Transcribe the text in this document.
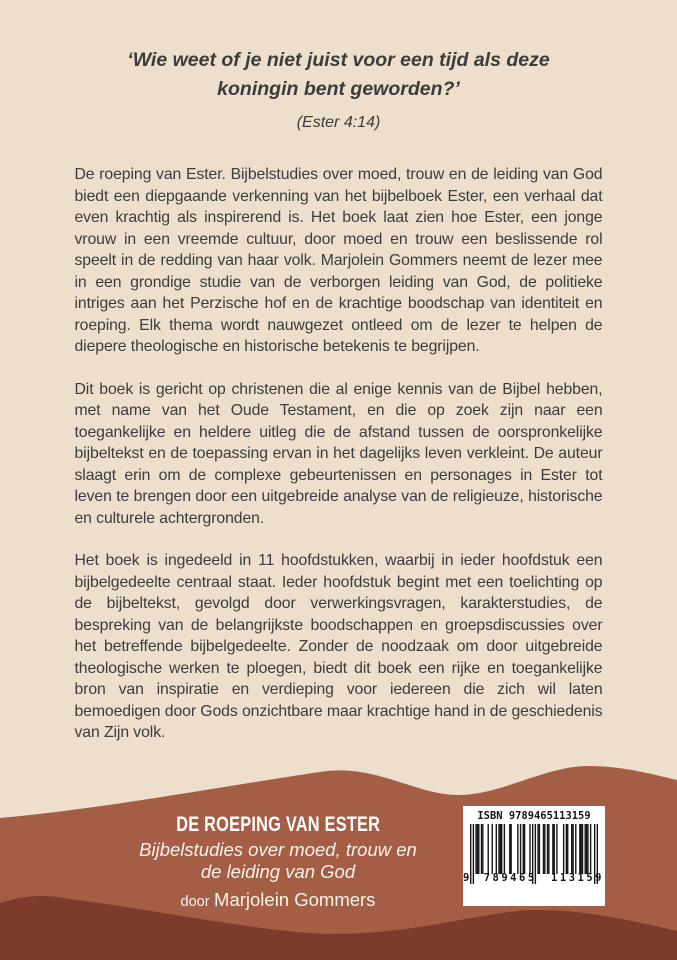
‘Wie weet of je niet juist voor een tijd als deze koningin bent geworden?’
(Ester 4:14)

De roeping van Ester. Bijbelstudies over moed, trouw en de leiding van God biedt een diepgaande verkenning van het bijbelboek Ester, een verhaal dat even krachtig als inspirerend is. Het boek laat zien hoe Ester, een jonge vrouw in een vreemde cultuur, door moed en trouw een beslissende rol speelt in de redding van haar volk. Marjolein Gommers neemt de lezer mee in een grondige studie van de verborgen leiding van God, de politieke intriges aan het Perzische hof en de krachtige boodschap van identiteit en roeping. Elk thema wordt nauwgezet ontleed om de lezer te helpen de diepere theologische en historische betekenis te begrijpen.

Dit boek is gericht op christenen die al enige kennis van de Bijbel hebben, met name van het Oude Testament, en die op zoek zijn naar een toegankelijke en heldere uitleg die de afstand tussen de oorspronkelijke bijbeltekst en de toepassing ervan in het dagelijks leven verkleint. De auteur slaagt erin om de complexe gebeurtenissen en personages in Ester tot leven te brengen door een uitgebreide analyse van de religieuze, historische en culturele achtergronden.

Het boek is ingedeeld in 11 hoofdstukken, waarbij in ieder hoofdstuk een bijbelgedeelte centraal staat. Ieder hoofdstuk begint met een toelichting op de bijbeltekst, gevolgd door verwerkingsvragen, karakterstudies, de bespreking van de belangrijkste boodschappen en groepsdiscussies over het betreffende bijbelgedeelte. Zonder de noodzaak om door uitgebreide theologische werken te ploegen, biedt dit boek een rijke en toegankelijke bron van inspiratie en verdieping voor iedereen die zich wil laten bemoedigen door Gods onzichtbare maar krachtige hand in de geschiedenis van Zijn volk.

DE ROEPING VAN ESTER
Bijbelstudies over moed, trouw en de leiding van God
door Marjolein Gommers
ISBN 9789465113159
9 789465 113159
